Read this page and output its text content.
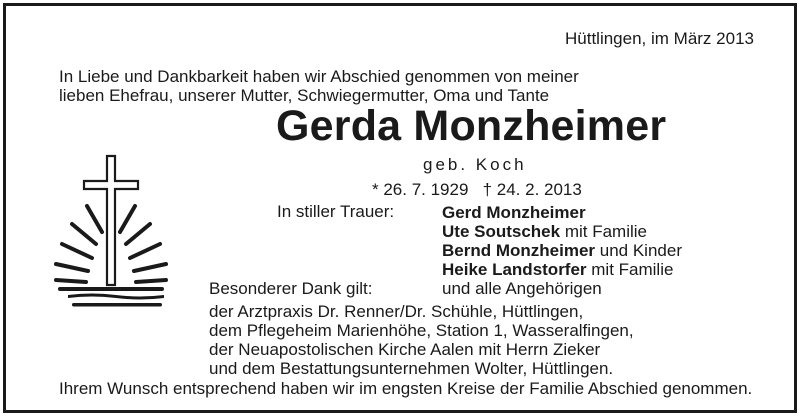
Hüttlingen, im März 2013
In Liebe und Dankbarkeit haben wir Abschied genommen von meiner
lieben Ehefrau, unserer Mutter, Schwiegermutter, Oma und Tante
Gerda Monzheimer
geb. Koch
* 26. 7. 1929   † 24. 2. 2013
In stiller Trauer:	Gerd Monzheimer
Ute Soutschek mit Familie
Bernd Monzheimer und Kinder
Heike Landstorfer mit Familie
und alle Angehörigen
Besonderer Dank gilt:
der Arztpraxis Dr. Renner/Dr. Schühle, Hüttlingen,
dem Pflegeheim Marienhöhe, Station 1, Wasseralfingen,
der Neuapostolischen Kirche Aalen mit Herrn Zieker
und dem Bestattungsunternehmen Wolter, Hüttlingen.
Ihrem Wunsch entsprechend haben wir im engsten Kreise der Familie Abschied genommen.
